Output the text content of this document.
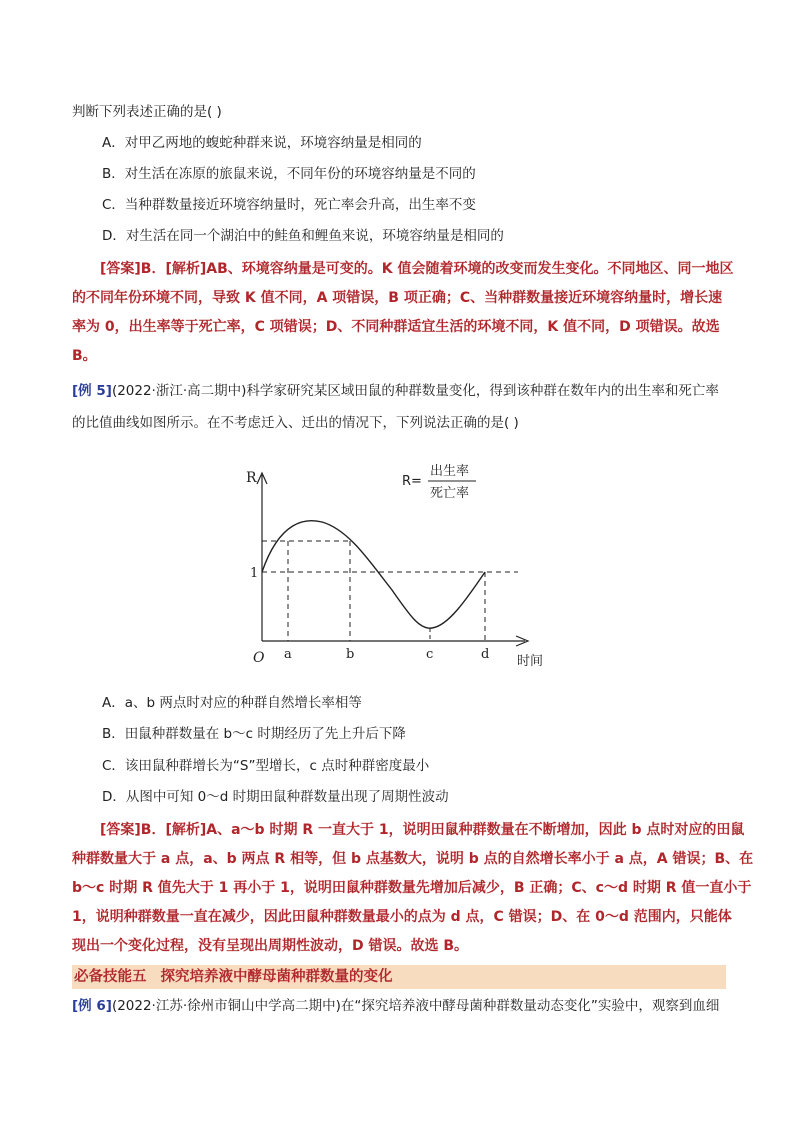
判断下列表述正确的是( )
A．对甲乙两地的蝮蛇种群来说，环境容纳量是相同的
B．对生活在冻原的旅鼠来说，不同年份的环境容纳量是不同的
C．当种群数量接近环境容纳量时，死亡率会升高，出生率不变
D．对生活在同一个湖泊中的鲑鱼和鲤鱼来说，环境容纳量是相同的
[答案]B．[解析]AB、环境容纳量是可变的。K 值会随着环境的改变而发生变化。不同地区、同一地区
的不同年份环境不同，导致 K 值不同，A 项错误，B 项正确；C、当种群数量接近环境容纳量时，增长速
率为 0，出生率等于死亡率，C 项错误；D、不同种群适宜生活的环境不同，K 值不同，D 项错误。故选
B。
[例 5](2022·浙江·高二期中)科学家研究某区域田鼠的种群数量变化，得到该种群在数年内的出生率和死亡率
的比值曲线如图所示。在不考虑迁入、迁出的情况下，下列说法正确的是( )
R
1
O a	b	c	d 时间
R=
出生率
死亡率
A．a、b 两点时对应的种群自然增长率相等
B．田鼠种群数量在 b～c 时期经历了先上升后下降
C．该田鼠种群增长为“S”型增长，c 点时种群密度最小
D．从图中可知 0～d 时期田鼠种群数量出现了周期性波动
[答案]B．[解析]A、a～b 时期 R 一直大于 1，说明田鼠种群数量在不断增加，因此 b 点时对应的田鼠
种群数量大于 a 点，a、b 两点 R 相等，但 b 点基数大，说明 b 点的自然增长率小于 a 点，A 错误；B、在
b～c 时期 R 值先大于 1 再小于 1，说明田鼠种群数量先增加后减少，B 正确；C、c～d 时期 R 值一直小于
1，说明种群数量一直在减少，因此田鼠种群数量最小的点为 d 点，C 错误；D、在 0～d 范围内，只能体
现出一个变化过程，没有呈现出周期性波动，D 错误。故选 B。
必备技能五 探究培养液中酵母菌种群数量的变化
[例 6](2022·江苏·徐州市铜山中学高二期中)在“探究培养液中酵母菌种群数量动态变化”实验中，观察到血细
